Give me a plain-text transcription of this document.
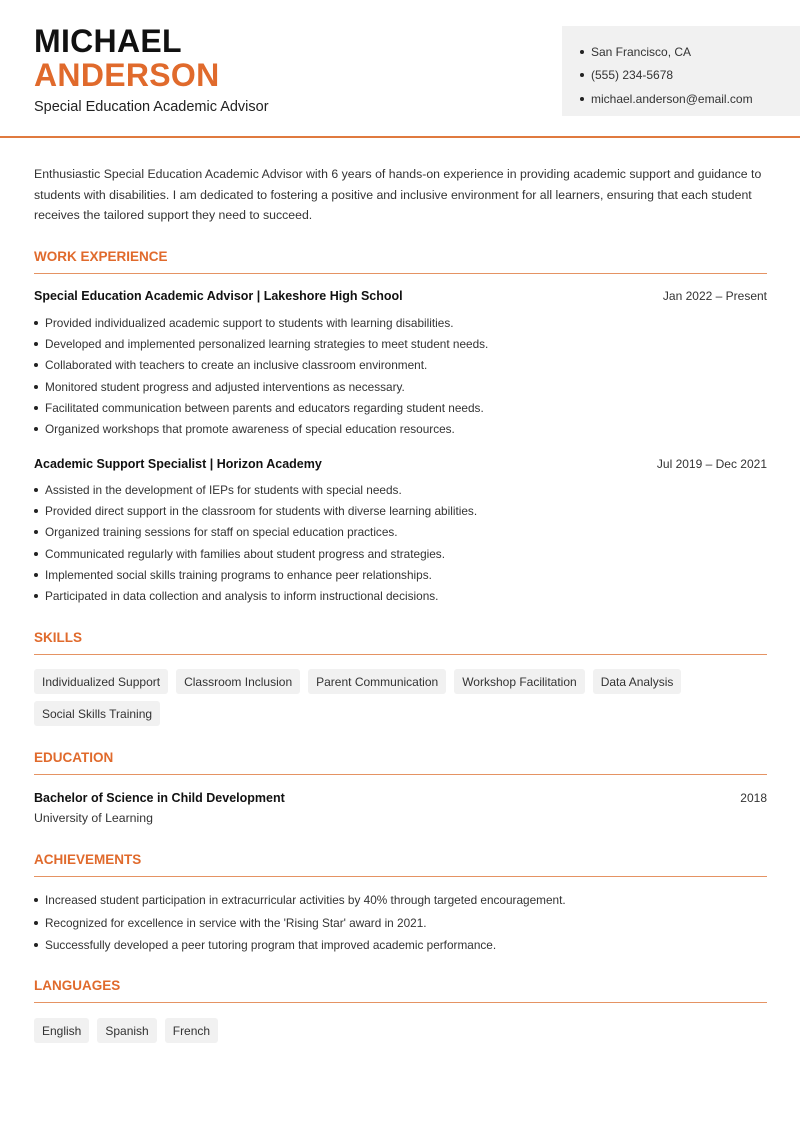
MICHAEL
ANDERSON
Special Education Academic Advisor
San Francisco, CA
(555) 234-5678
michael.anderson@email.com
Enthusiastic Special Education Academic Advisor with 6 years of hands-on experience in providing academic support and guidance to students with disabilities. I am dedicated to fostering a positive and inclusive environment for all learners, ensuring that each student receives the tailored support they need to succeed.
WORK EXPERIENCE
Special Education Academic Advisor | Lakeshore High School	Jan 2022 – Present
Provided individualized academic support to students with learning disabilities.
Developed and implemented personalized learning strategies to meet student needs.
Collaborated with teachers to create an inclusive classroom environment.
Monitored student progress and adjusted interventions as necessary.
Facilitated communication between parents and educators regarding student needs.
Organized workshops that promote awareness of special education resources.
Academic Support Specialist | Horizon Academy	Jul 2019 – Dec 2021
Assisted in the development of IEPs for students with special needs.
Provided direct support in the classroom for students with diverse learning abilities.
Organized training sessions for staff on special education practices.
Communicated regularly with families about student progress and strategies.
Implemented social skills training programs to enhance peer relationships.
Participated in data collection and analysis to inform instructional decisions.
SKILLS
Individualized Support	Classroom Inclusion	Parent Communication	Workshop Facilitation	Data Analysis
Social Skills Training
EDUCATION
Bachelor of Science in Child Development	2018
University of Learning
ACHIEVEMENTS
Increased student participation in extracurricular activities by 40% through targeted encouragement.
Recognized for excellence in service with the 'Rising Star' award in 2021.
Successfully developed a peer tutoring program that improved academic performance.
LANGUAGES
English	Spanish	French
